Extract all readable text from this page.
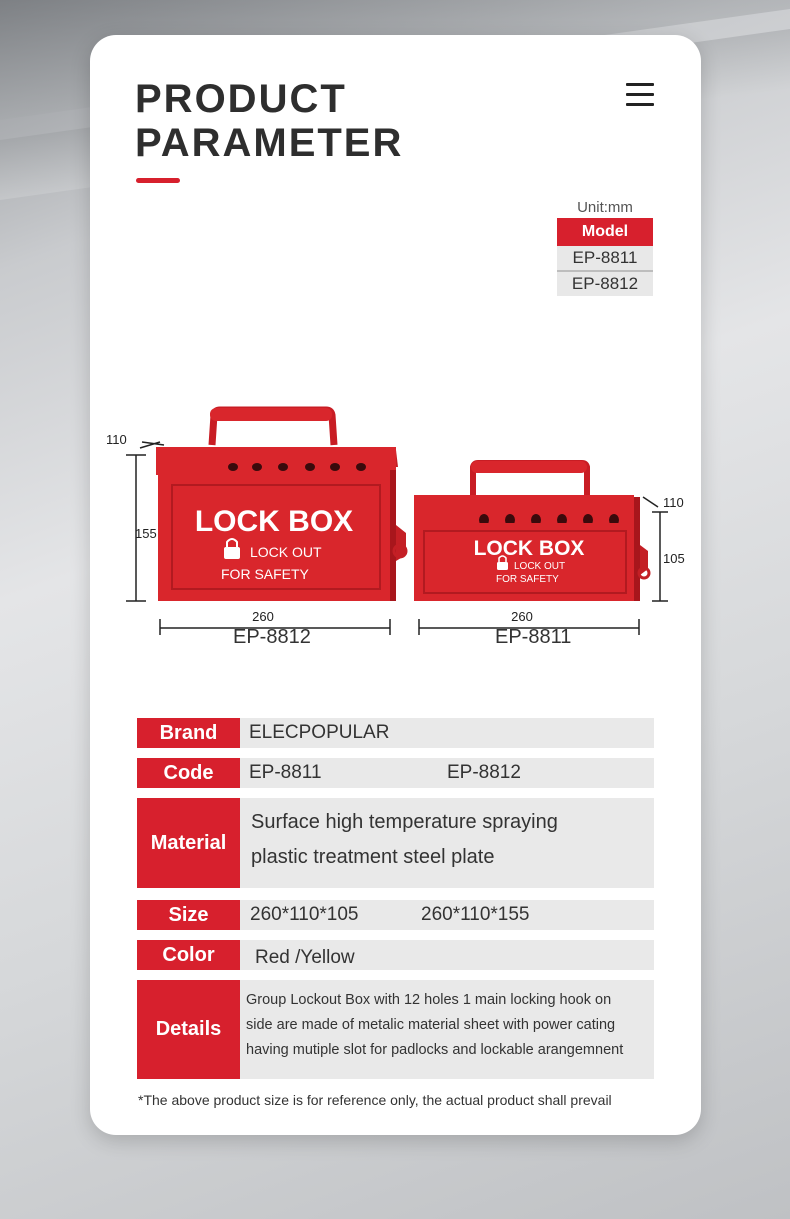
PRODUCT
PARAMETER
Unit:mm
Model
EP-8811
EP-8812
LOCK BOX
LOCK OUT
FOR SAFETY
110
155
260
LOCK BOX
LOCK OUT
FOR SAFETY
110
105
260
EP-8812	EP-8811
Brand	ELECPOPULAR
Code	EP-8811	EP-8812
Material
Surface high temperature spraying
plastic treatment steel plate
Size	260*110*105	260*110*155
Color	Red /Yellow
Details
Group Lockout Box with 12 holes 1 main locking hook on
side are made of metalic material sheet with power cating
having mutiple slot for padlocks and lockable arangemnent
*The above product size is for reference only, the actual product shall prevail
